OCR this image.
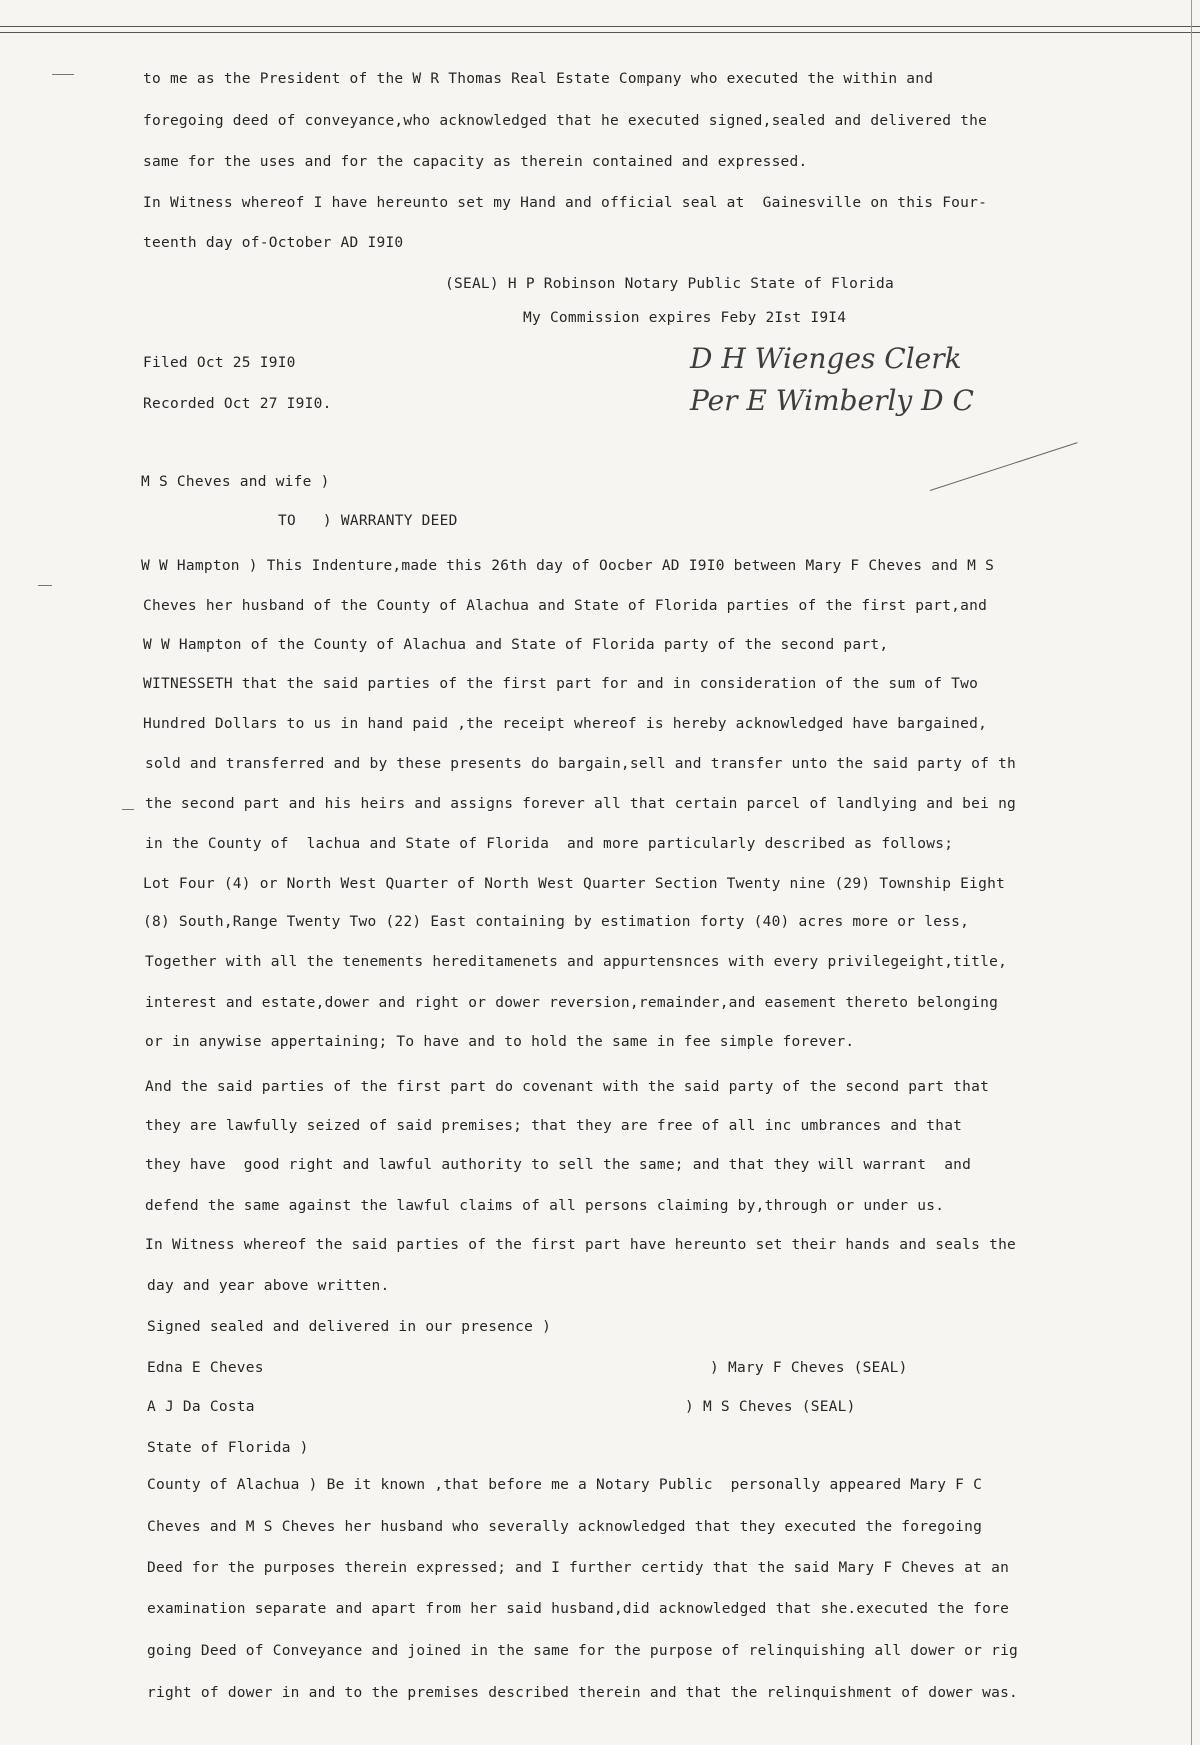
to me as the President of the W R Thomas Real Estate Company who executed the within and
foregoing deed of conveyance,who acknowledged that he executed signed,sealed and delivered the
same for the uses and for the capacity as therein contained and expressed.
In Witness whereof I have hereunto set my Hand and official seal at  Gainesville on this Four-
teenth day of-October AD I9I0
(SEAL) H P Robinson Notary Public State of Florida
My Commission expires Feby 2Ist I9I4
Filed Oct 25 I9I0
Recorded Oct 27 I9I0.
D H Wienges Clerk
Per E Wimberly D C
M S Cheves and wife )
TO   ) WARRANTY DEED
W W Hampton ) This Indenture,made this 26th day of Oocber AD I9I0 between Mary F Cheves and M S
Cheves her husband of the County of Alachua and State of Florida parties of the first part,and
W W Hampton of the County of Alachua and State of Florida party of the second part,
WITNESSETH that the said parties of the first part for and in consideration of the sum of Two
Hundred Dollars to us in hand paid ,the receipt whereof is hereby acknowledged have bargained,
sold and transferred and by these presents do bargain,sell and transfer unto the said party of th
the second part and his heirs and assigns forever all that certain parcel of landlying and bei ng
in the County of  lachua and State of Florida  and more particularly described as follows;
Lot Four (4) or North West Quarter of North West Quarter Section Twenty nine (29) Township Eight
(8) South,Range Twenty Two (22) East containing by estimation forty (40) acres more or less,
Together with all the tenements hereditamenets and appurtensnces with every privilegeight,title,
interest and estate,dower and right or dower reversion,remainder,and easement thereto belonging
or in anywise appertaining; To have and to hold the same in fee simple forever.
And the said parties of the first part do covenant with the said party of the second part that
they are lawfully seized of said premises; that they are free of all inc umbrances and that
they have  good right and lawful authority to sell the same; and that they will warrant  and
defend the same against the lawful claims of all persons claiming by,through or under us.
In Witness whereof the said parties of the first part have hereunto set their hands and seals the
day and year above written.
Signed sealed and delivered in our presence )
Edna E Cheves
A J Da Costa
) Mary F Cheves (SEAL)
) M S Cheves (SEAL)
State of Florida )
County of Alachua ) Be it known ,that before me a Notary Public  personally appeared Mary F C
Cheves and M S Cheves her husband who severally acknowledged that they executed the foregoing
Deed for the purposes therein expressed; and I further certidy that the said Mary F Cheves at an
examination separate and apart from her said husband,did acknowledged that she.executed the fore
going Deed of Conveyance and joined in the same for the purpose of relinquishing all dower or rig
right of dower in and to the premises described therein and that the relinquishment of dower was.
